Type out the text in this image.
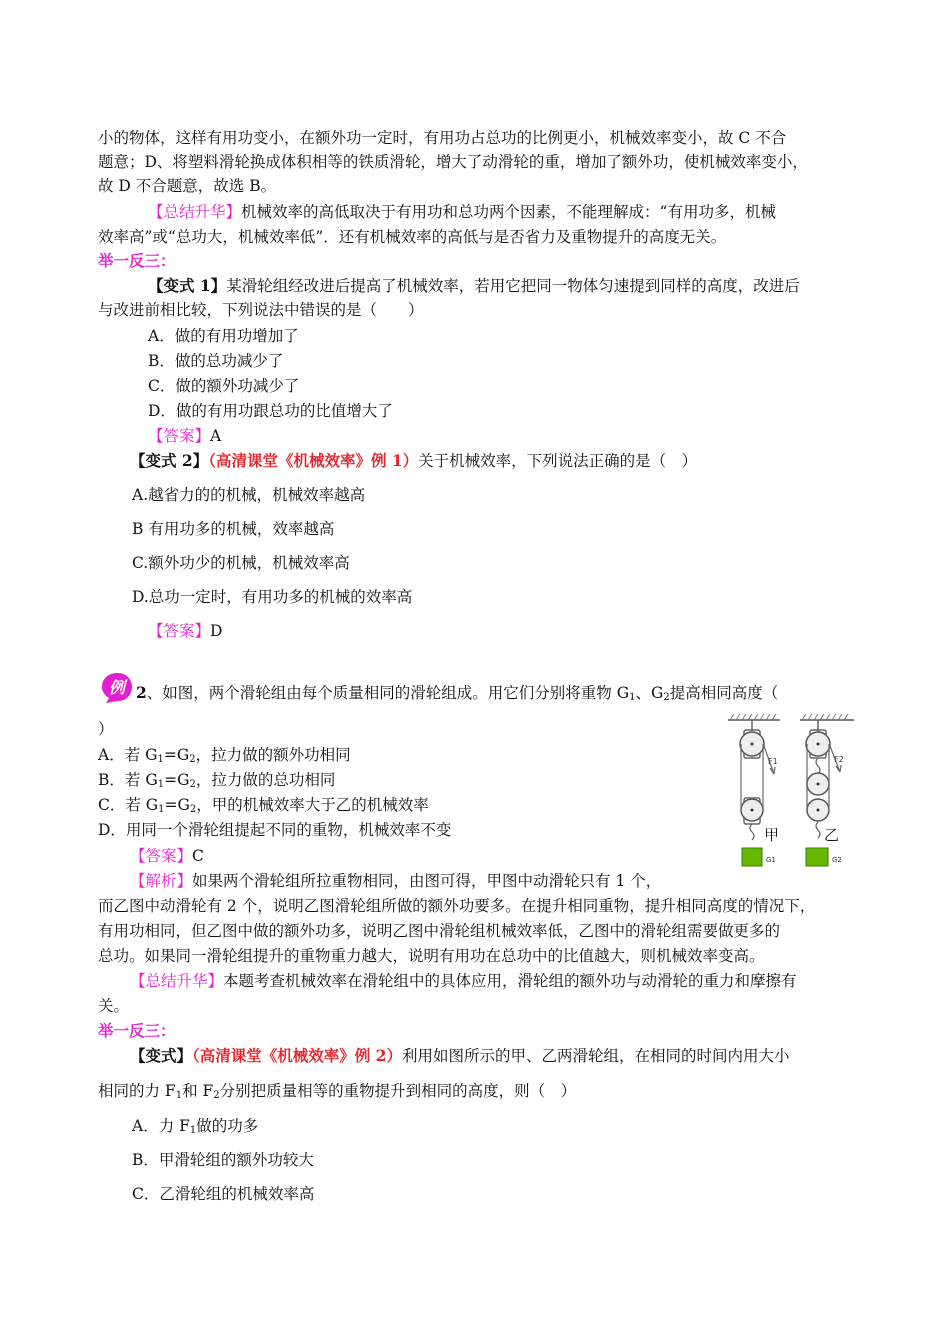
小的物体，这样有用功变小，在额外功一定时，有用功占总功的比例更小，机械效率变小，故 C 不合
题意；D、将塑料滑轮换成体积相等的铁质滑轮，增大了动滑轮的重，增加了额外功，使机械效率变小，
故 D 不合题意，故选 B。
【总结升华】机械效率的高低取决于有用功和总功两个因素，不能理解成：“有用功多，机械
效率高”或“总功大，机械效率低”．还有机械效率的高低与是否省力及重物提升的高度无关。
举一反三：
【变式 1】某滑轮组经改进后提高了机械效率，若用它把同一物体匀速提到同样的高度，改进后
与改进前相比较，下列说法中错误的是（　　）
A．做的有用功增加了
B．做的总功减少了
C．做的额外功减少了
D．做的有用功跟总功的比值增大了
【答案】A
【变式 2】（高清课堂《机械效率》例 1）关于机械效率，下列说法正确的是（　）
A.越省力的的机械，机械效率越高
B 有用功多的机械，效率越高
C.额外功少的机械，机械效率高
D.总功一定时，有用功多的机械的效率高
【答案】D
例 2、如图，两个滑轮组由每个质量相同的滑轮组成。用它们分别将重物 $G_1$、$G_2$提高相同高度（
）
A．若 $G_1=G_2$，拉力做的额外功相同
B．若 $G_1=G_2$，拉力做的总功相同
C．若 $G_1=G_2$，甲的机械效率大于乙的机械效率
D．用同一个滑轮组提起不同的重物，机械效率不变
【答案】C
【解析】如果两个滑轮组所拉重物相同，由图可得，甲图中动滑轮只有 1 个，
而乙图中动滑轮有 2 个，说明乙图滑轮组所做的额外功要多。在提升相同重物，提升相同高度的情况下，
有用功相同，但乙图中做的额外功多，说明乙图中滑轮组机械效率低，乙图中的滑轮组需要做更多的
总功。如果同一滑轮组提升的重物重力越大，说明有用功在总功中的比值越大，则机械效率变高。
【总结升华】本题考查机械效率在滑轮组中的具体应用，滑轮组的额外功与动滑轮的重力和摩擦有
关。
F1
G1
甲
F2
G2
乙
举一反三：
【变式】（高清课堂《机械效率》例 2）利用如图所示的甲、乙两滑轮组，在相同的时间内用大小
相同的力 $F_1$和 $F_2$分别把质量相等的重物提升到相同的高度，则（　）
A．力 $F_1$做的功多
B．甲滑轮组的额外功较大
C．乙滑轮组的机械效率高
